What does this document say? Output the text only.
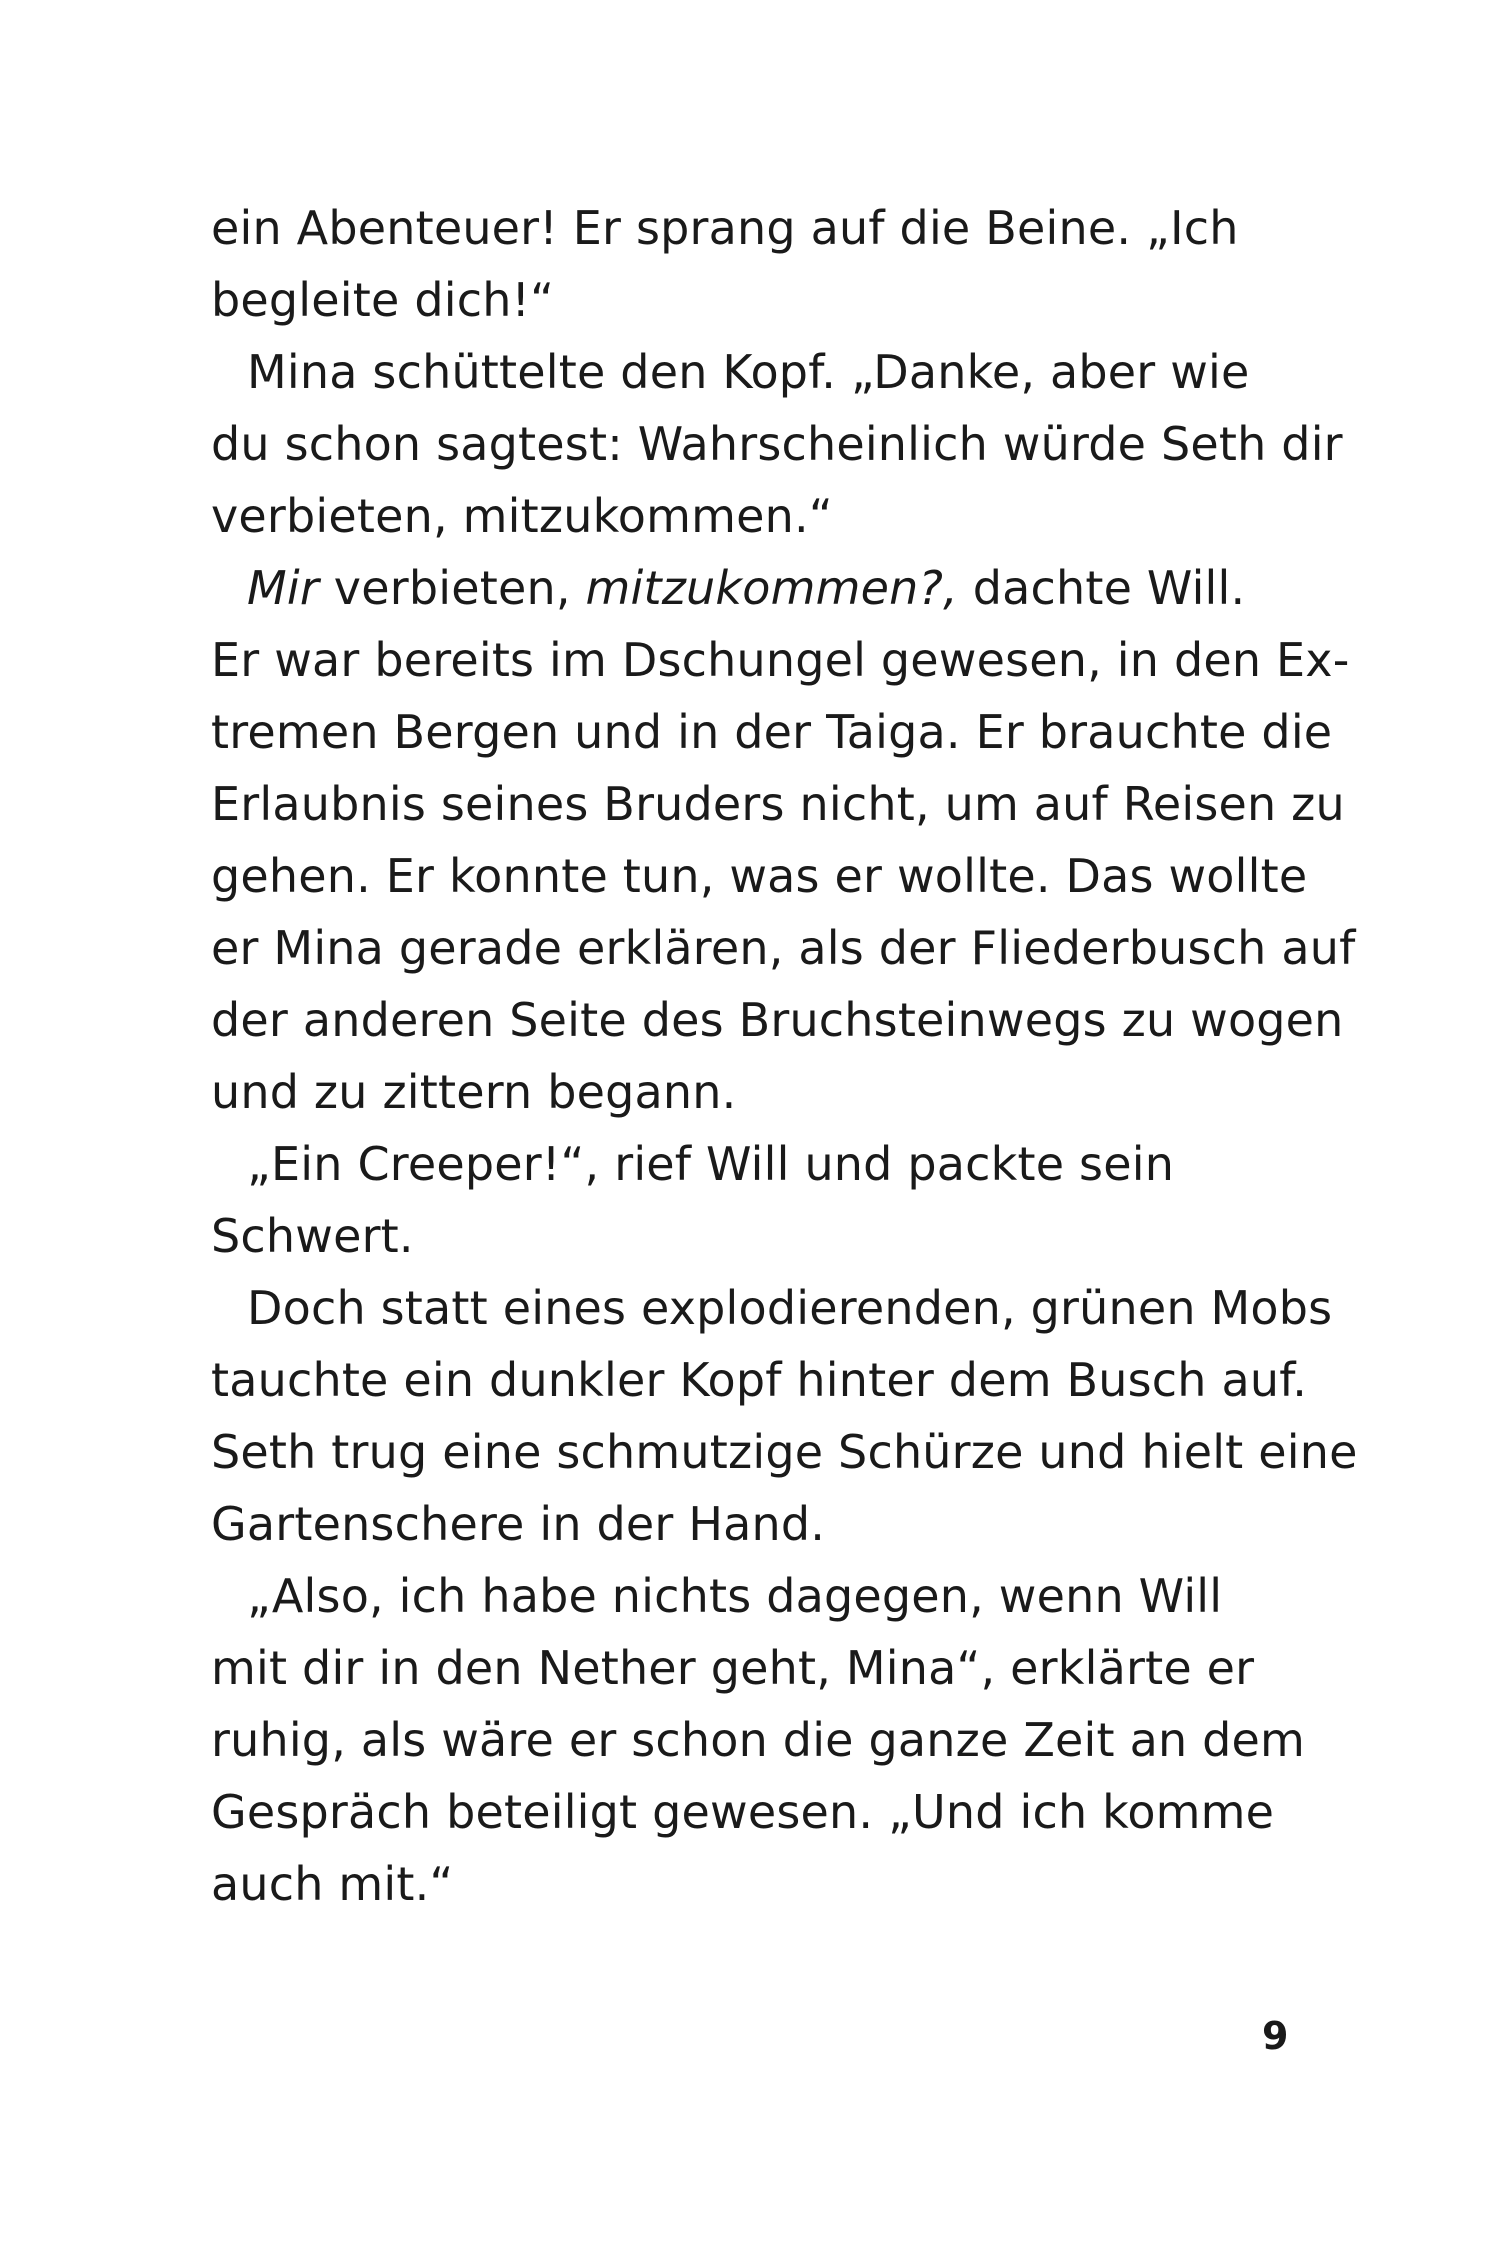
ein Abenteuer! Er sprang auf die Beine. „Ich
begleite dich!“
Mina schüttelte den Kopf. „Danke, aber wie
du schon sagtest: Wahrscheinlich würde Seth dir
verbieten, mitzukommen.“
Mir verbieten, mitzukommen?, dachte Will.
Er war bereits im Dschungel gewesen, in den Ex-
tremen Bergen und in der Taiga. Er brauchte die
Erlaubnis seines Bruders nicht, um auf Reisen zu
gehen. Er konnte tun, was er wollte. Das wollte
er Mina gerade erklären, als der Fliederbusch auf
der anderen Seite des Bruchsteinwegs zu wogen
und zu zittern begann.
„Ein Creeper!“, rief Will und packte sein
Schwert.
Doch statt eines explodierenden, grünen Mobs
tauchte ein dunkler Kopf hinter dem Busch auf.
Seth trug eine schmutzige Schürze und hielt eine
Gartenschere in der Hand.
„Also, ich habe nichts dagegen, wenn Will
mit dir in den Nether geht, Mina“, erklärte er
ruhig, als wäre er schon die ganze Zeit an dem
Gespräch beteiligt gewesen. „Und ich komme
auch mit.“
9
